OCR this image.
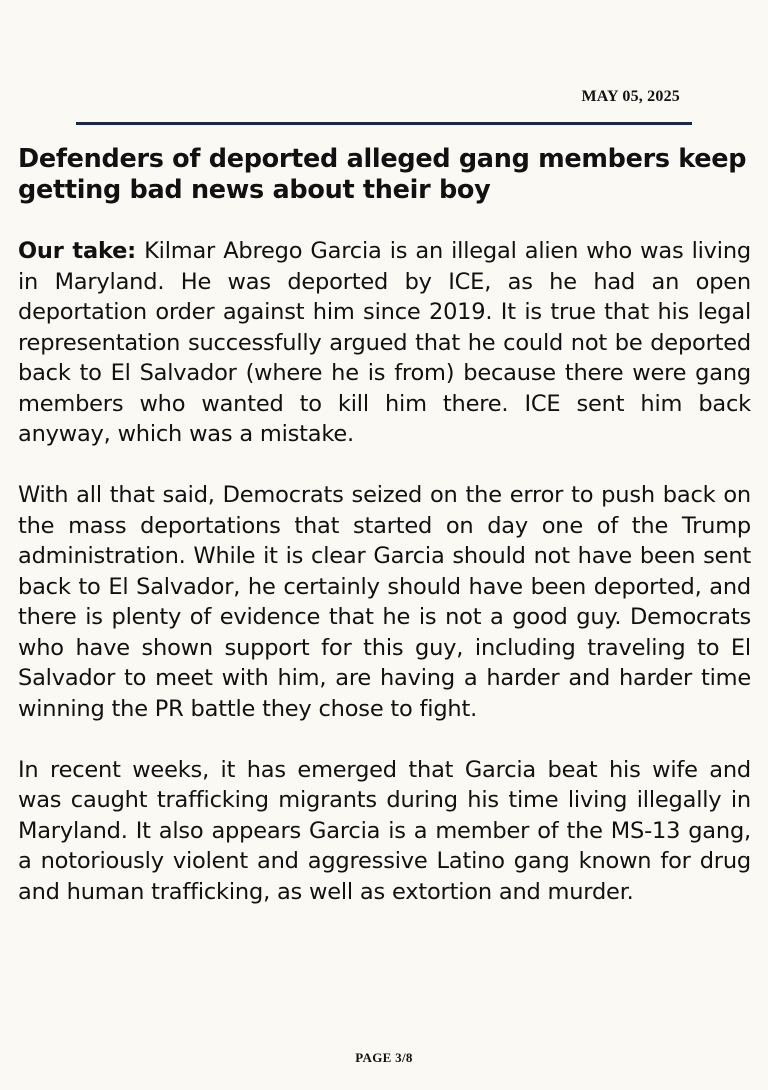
MAY 05, 2025
Defenders of deported alleged gang members keep getting bad news about their boy

Our take: Kilmar Abrego Garcia is an illegal alien who was living in Maryland. He was deported by ICE, as he had an open deportation order against him since 2019. It is true that his legal representation successfully argued that he could not be deported back to El Salvador (where he is from) because there were gang members who wanted to kill him there. ICE sent him back anyway, which was a mistake.

With all that said, Democrats seized on the error to push back on the mass deportations that started on day one of the Trump administration. While it is clear Garcia should not have been sent back to El Salvador, he certainly should have been deported, and there is plenty of evidence that he is not a good guy. Democrats who have shown support for this guy, including traveling to El Salvador to meet with him, are having a harder and harder time winning the PR battle they chose to fight.

In recent weeks, it has emerged that Garcia beat his wife and was caught trafficking migrants during his time living illegally in Maryland. It also appears Garcia is a member of the MS-13 gang, a notoriously violent and aggressive Latino gang known for drug and human trafficking, as well as extortion and murder.

PAGE 3/8
